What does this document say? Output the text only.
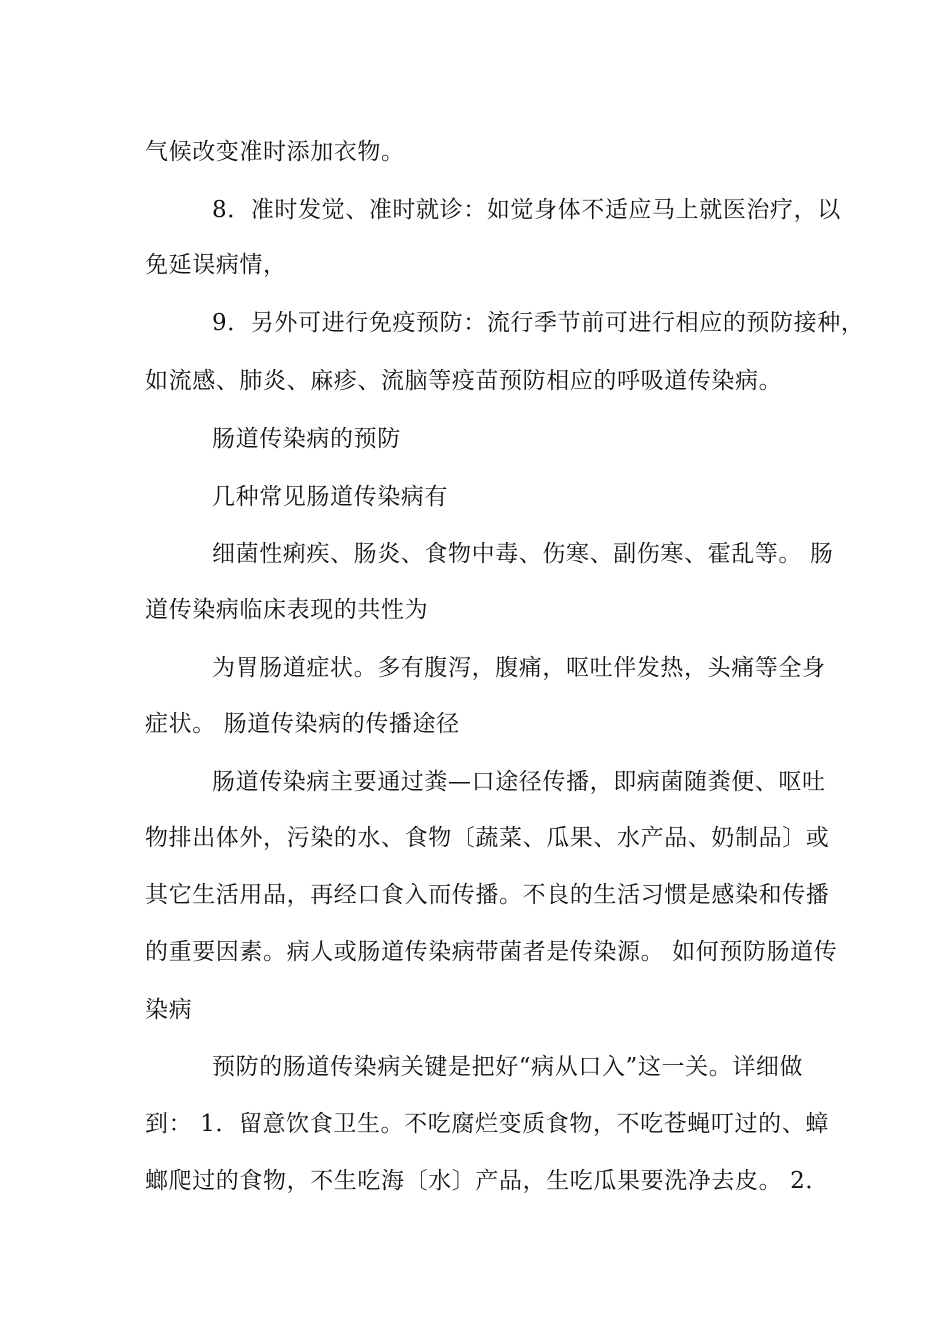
气候改变准时添加衣物。
8．准时发觉、准时就诊：如觉身体不适应马上就医治疗，以
免延误病情，
9．另外可进行免疫预防：流行季节前可进行相应的预防接种，
如流感、肺炎、麻疹、流脑等疫苗预防相应的呼吸道传染病。
肠道传染病的预防
几种常见肠道传染病有
细菌性痢疾、肠炎、食物中毒、伤寒、副伤寒、霍乱等。 肠
道传染病临床表现的共性为
为胃肠道症状。多有腹泻，腹痛，呕吐伴发热，头痛等全身
症状。 肠道传染病的传播途径
肠道传染病主要通过粪—口途径传播，即病菌随粪便、呕吐
物排出体外，污染的水、食物〔蔬菜、瓜果、水产品、奶制品〕或
其它生活用品，再经口食入而传播。不良的生活习惯是感染和传播
的重要因素。病人或肠道传染病带菌者是传染源。 如何预防肠道传
染病
预防的肠道传染病关键是把好“病从口入”这一关。详细做
到： 1．留意饮食卫生。不吃腐烂变质食物，不吃苍蝇叮过的、蟑
螂爬过的食物，不生吃海〔水〕产品，生吃瓜果要洗净去皮。 2．
